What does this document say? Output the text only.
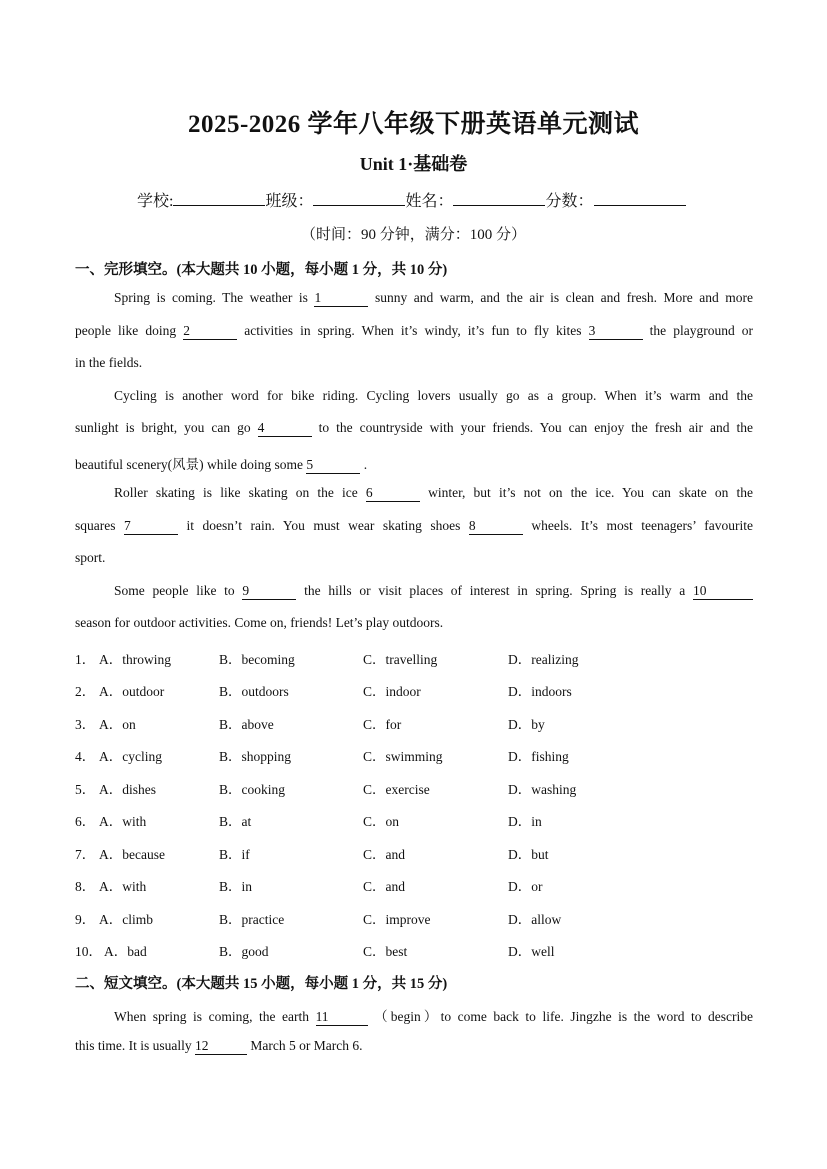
2025-2026 学年八年级下册英语单元测试
Unit 1·基础卷
学校:	班级：	姓名：	分数：
（时间：90 分钟，满分：100 分）
一、完形填空。(本大题共 10 小题，每小题 1 分，共 10 分)
Spring is coming. The weather is 1	sunny and warm, and the air is clean and fresh. More and more
people like doing 2	activities in spring. When it’s windy, it’s fun to fly kites 3	the playground or
in the fields.
Cycling is another word for bike riding. Cycling lovers usually go as a group. When it’s warm and the
sunlight is bright, you can go 4	to the countryside with your friends. You can enjoy the fresh air and the
beautiful scenery(风景) while doing some 5	.
Roller skating is like skating on the ice 6	winter, but it’s not on the ice. You can skate on the
squares 7	it doesn’t rain. You must wear skating shoes 8	wheels. It’s most teenagers’ favourite
sport.
Some people like to 9	the hills or visit places of interest in spring. Spring is really a 10
season for outdoor activities. Come on, friends! Let’s play outdoors.
1． A．throwing	B．becoming	C．travelling	D．realizing
2． A．outdoor	B．outdoors	C．indoor	D．indoors
3． A．on	B．above	C．for	D．by
4． A．cycling	B．shopping	C．swimming	D．fishing
5． A．dishes	B．cooking	C．exercise	D．washing
6． A．with	B．at	C．on	D．in
7． A．because	B．if	C．and	D．but
8． A．with	B．in	C．and	D．or
9． A．climb	B．practice	C．improve	D．allow
10． A．bad	B．good	C．best	D．well
二、短文填空。(本大题共 15 小题，每小题 1 分，共 15 分)
When spring is coming, the earth 11	（begin）to come back to life. Jingzhe is the word to describe
this time. It is usually 12	March 5 or March 6.
